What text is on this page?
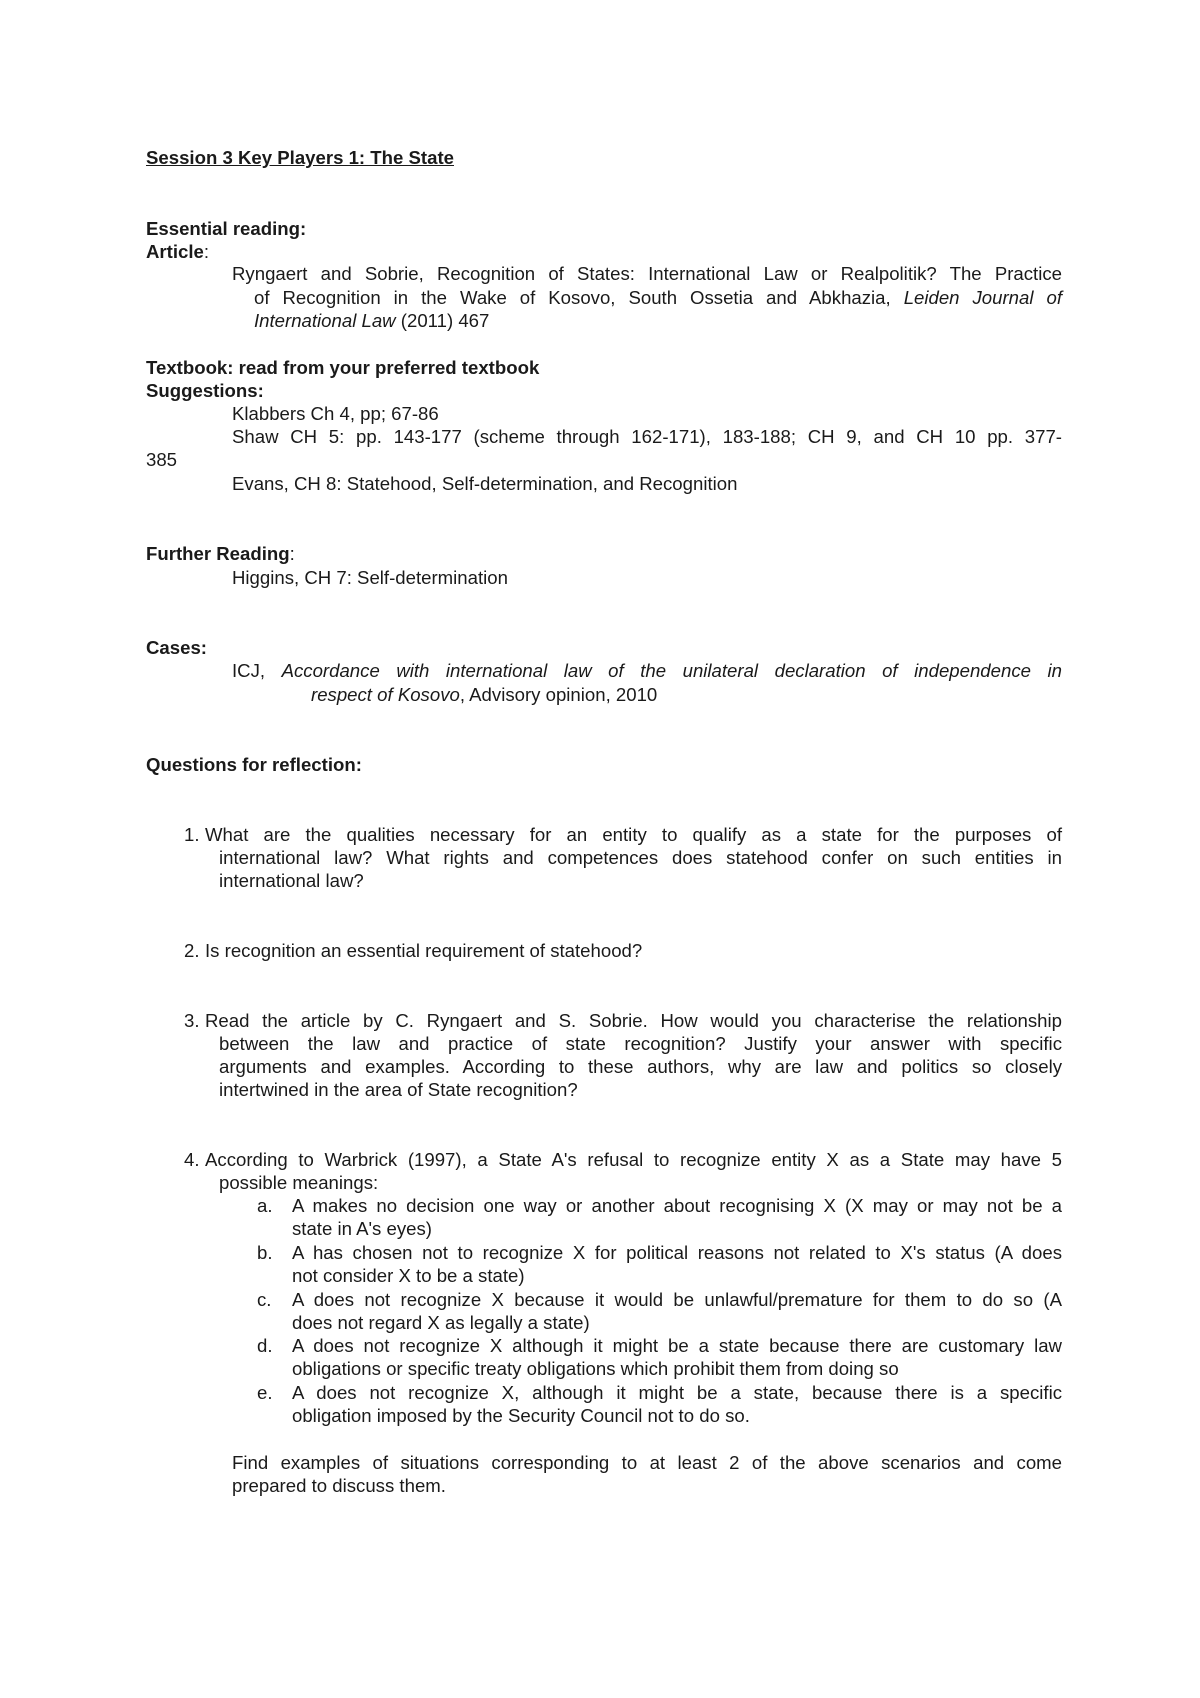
Session 3 Key Players 1: The State
Essential reading:
Article:
Ryngaert and Sobrie, Recognition of States: International Law or Realpolitik? The Practice
of Recognition in the Wake of Kosovo, South Ossetia and Abkhazia, Leiden Journal of
International Law (2011) 467
Textbook: read from your preferred textbook
Suggestions:
Klabbers Ch 4, pp; 67-86
Shaw CH 5: pp. 143-177 (scheme through 162-171), 183-188; CH 9, and CH 10 pp. 377-
385
Evans, CH 8: Statehood, Self-determination, and Recognition
Further Reading:
Higgins, CH 7: Self-determination
Cases:
ICJ, Accordance with international law of the unilateral declaration of independence in
respect of Kosovo, Advisory opinion, 2010
Questions for reflection:
1. What are the qualities necessary for an entity to qualify as a state for the purposes of
international law? What rights and competences does statehood confer on such entities in
international law?
2. Is recognition an essential requirement of statehood?
3. Read the article by C. Ryngaert and S. Sobrie. How would you characterise the relationship
between the law and practice of state recognition? Justify your answer with specific
arguments and examples. According to these authors, why are law and politics so closely
intertwined in the area of State recognition?
4. According to Warbrick (1997), a State A's refusal to recognize entity X as a State may have 5
possible meanings:
a. A makes no decision one way or another about recognising X (X may or may not be a
state in A's eyes)
b. A has chosen not to recognize X for political reasons not related to X's status (A does
not consider X to be a state)
c. A does not recognize X because it would be unlawful/premature for them to do so (A
does not regard X as legally a state)
d. A does not recognize X although it might be a state because there are customary law
obligations or specific treaty obligations which prohibit them from doing so
e. A does not recognize X, although it might be a state, because there is a specific
obligation imposed by the Security Council not to do so.
Find examples of situations corresponding to at least 2 of the above scenarios and come
prepared to discuss them.
